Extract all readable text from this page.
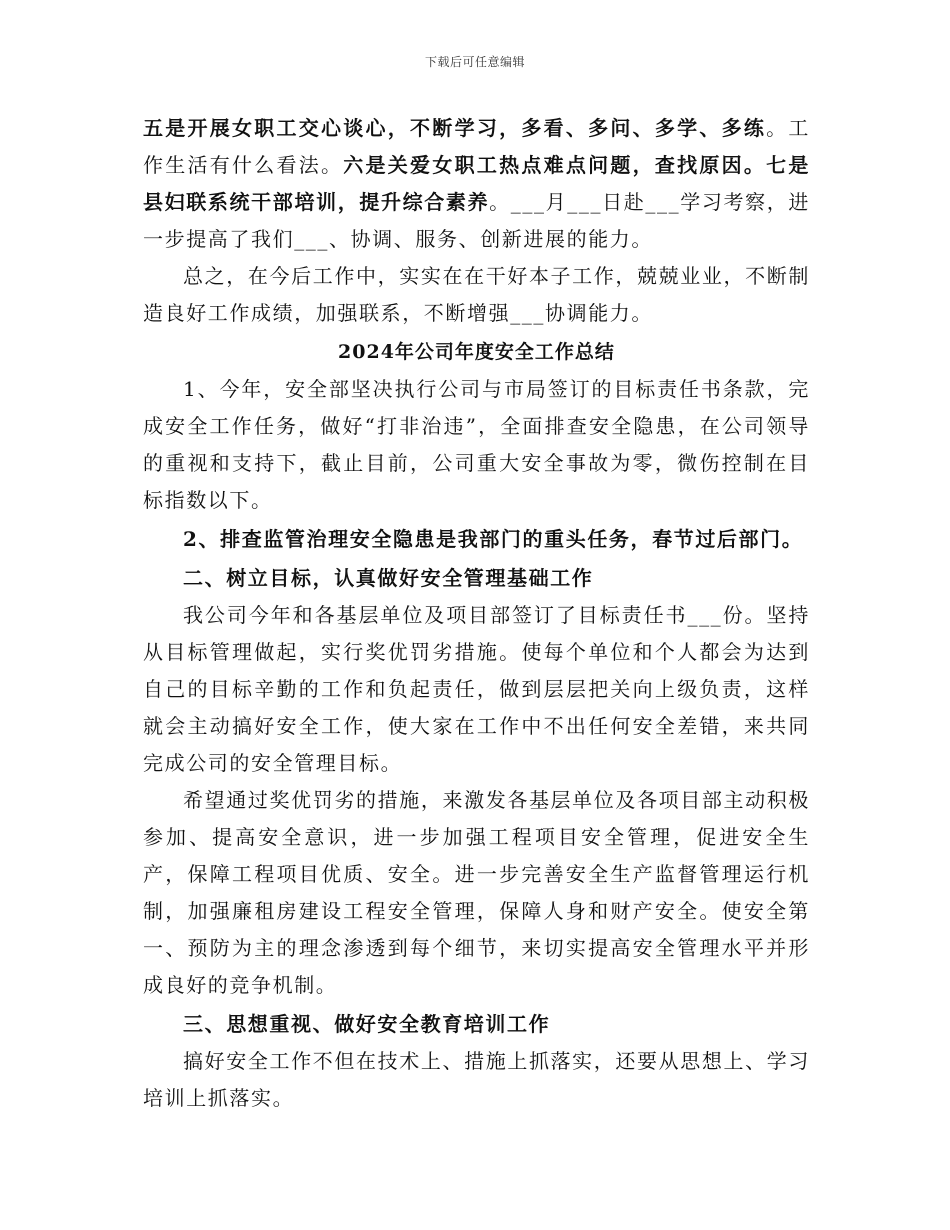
下载后可任意编辑

五是开展女职工交心谈心，不断学习，多看、多问、多学、多练。工作生活有什么看法。六是关爱女职工热点难点问题，查找原因。七是县妇联系统干部培训，提升综合素养。___月___日赴___学习考察，进一步提高了我们___、协调、服务、创新进展的能力。

总之，在今后工作中，实实在在干好本子工作，兢兢业业，不断制造良好工作成绩，加强联系，不断增强___协调能力。

2024年公司年度安全工作总结

1、今年，安全部坚决执行公司与市局签订的目标责任书条款，完成安全工作任务，做好“打非治违”，全面排查安全隐患，在公司领导的重视和支持下，截止目前，公司重大安全事故为零，微伤控制在目标指数以下。

2、排查监管治理安全隐患是我部门的重头任务，春节过后部门。

二、树立目标，认真做好安全管理基础工作

我公司今年和各基层单位及项目部签订了目标责任书___份。坚持从目标管理做起，实行奖优罚劣措施。使每个单位和个人都会为达到自己的目标辛勤的工作和负起责任，做到层层把关向上级负责，这样就会主动搞好安全工作，使大家在工作中不出任何安全差错，来共同完成公司的安全管理目标。

希望通过奖优罚劣的措施，来激发各基层单位及各项目部主动积极参加、提高安全意识，进一步加强工程项目安全管理，促进安全生产，保障工程项目优质、安全。进一步完善安全生产监督管理运行机制，加强廉租房建设工程安全管理，保障人身和财产安全。使安全第一、预防为主的理念渗透到每个细节，来切实提高安全管理水平并形成良好的竞争机制。

三、思想重视、做好安全教育培训工作

搞好安全工作不但在技术上、措施上抓落实，还要从思想上、学习培训上抓落实。
